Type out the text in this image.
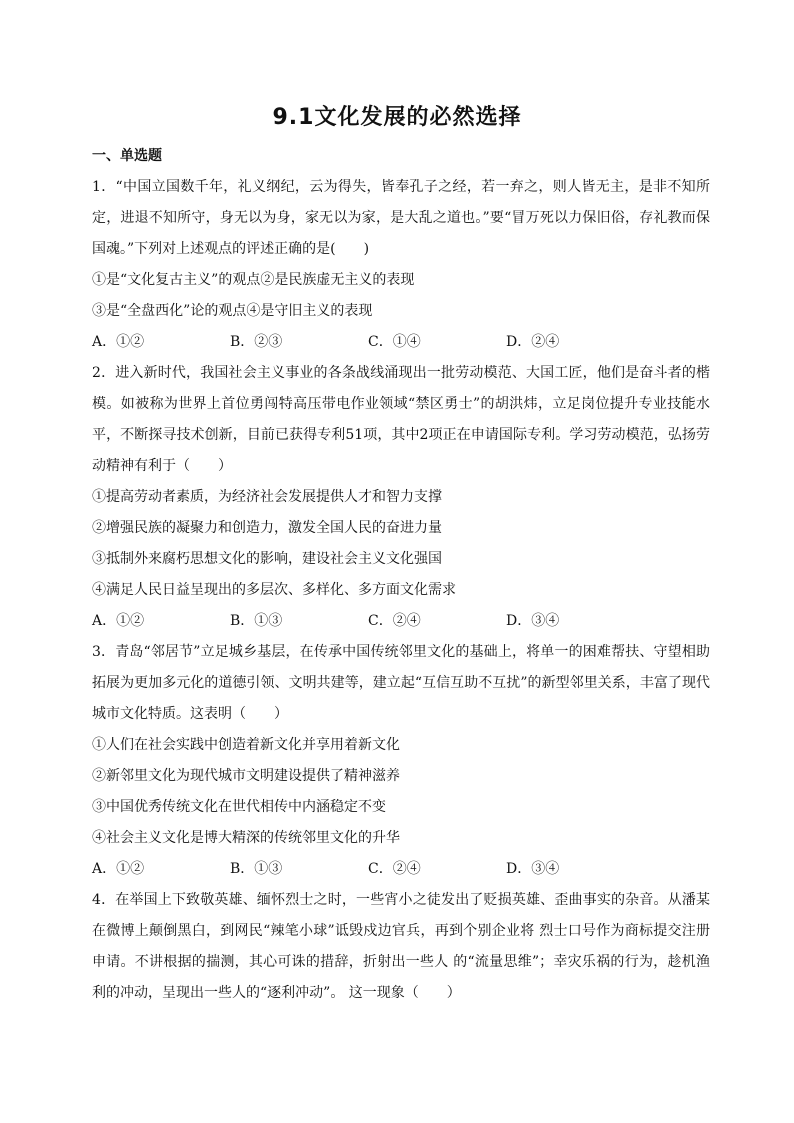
9.1文化发展的必然选择
一、单选题
1．“中国立国数千年，礼义纲纪，云为得失，皆奉孔子之经，若一弃之，则人皆无主，是非不知所定，进退不知所守，身无以为身，家无以为家，是大乱之道也。”要“冒万死以力保旧俗，存礼教而保国魂。”下列对上述观点的评述正确的是(　　)
①是“文化复古主义”的观点②是民族虚无主义的表现
③是“全盘西化”论的观点④是守旧主义的表现
A．①②	B．②③	C．①④	D．②④
2．进入新时代，我国社会主义事业的各条战线涌现出一批劳动模范、大国工匠，他们是奋斗者的楷模。如被称为世界上首位勇闯特高压带电作业领域“禁区勇士”的胡洪炜，立足岗位提升专业技能水平，不断探寻技术创新，目前已获得专利51项，其中2项正在申请国际专利。学习劳动模范，弘扬劳动精神有利于（　　）
①提高劳动者素质，为经济社会发展提供人才和智力支撑
②增强民族的凝聚力和创造力，激发全国人民的奋进力量
③抵制外来腐朽思想文化的影响，建设社会主义文化强国
④满足人民日益呈现出的多层次、多样化、多方面文化需求
A．①②	B．①③	C．②④	D．③④
3．青岛“邻居节”立足城乡基层，在传承中国传统邻里文化的基础上，将单一的困难帮扶、守望相助拓展为更加多元化的道德引领、文明共建等，建立起“互信互助不互扰”的新型邻里关系，丰富了现代城市文化特质。这表明（　　）
①人们在社会实践中创造着新文化并享用着新文化
②新邻里文化为现代城市文明建设提供了精神滋养
③中国优秀传统文化在世代相传中内涵稳定不变
④社会主义文化是博大精深的传统邻里文化的升华
A．①②	B．①③	C．②④	D．③④
4．在举国上下致敬英雄、缅怀烈士之时，一些宵小之徒发出了贬损英雄、歪曲事实的杂音。从潘某在微博上颠倒黑白，到网民“辣笔小球”诋毁戍边官兵，再到个别企业将 烈士口号作为商标提交注册申请。不讲根据的揣测，其心可诛的措辞，折射出一些人 的“流量思维”；幸灾乐祸的行为，趁机渔利的冲动，呈现出一些人的“逐利冲动”。 这一现象（　　）
